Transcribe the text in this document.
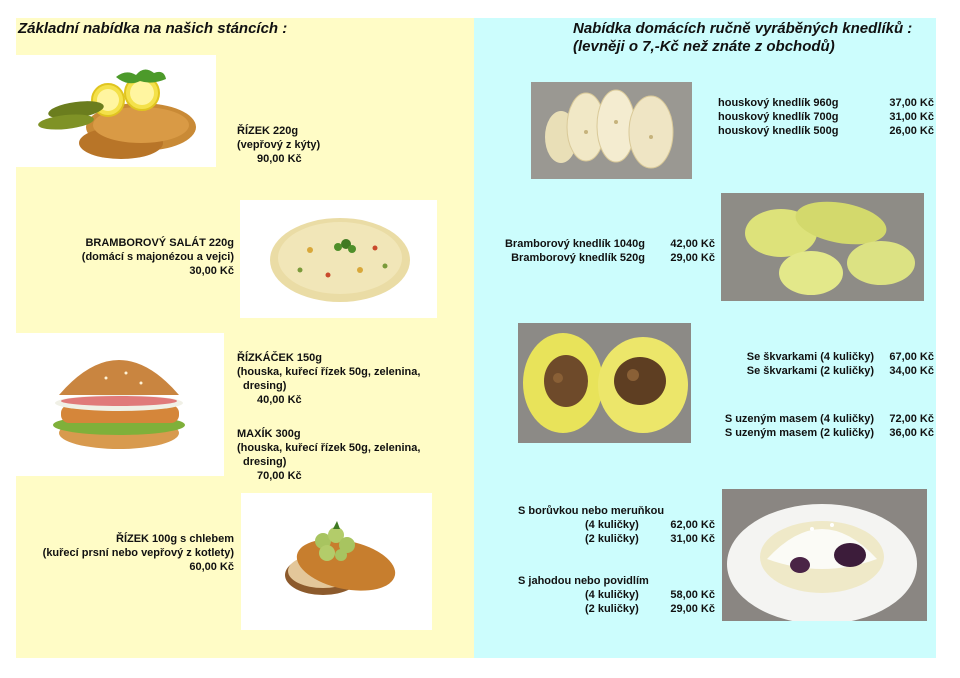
Základní nabídka na našich stáncích :
ŘÍZEK 220g
(vepřový z kýty)
90,00 Kč
BRAMBOROVÝ SALÁT 220g
(domácí s majonézou a vejci)
30,00 Kč
ŘÍZKÁČEK 150g
(houska, kuřecí řízek 50g, zelenina,
dresing)
40,00 Kč
MAXÍK 300g
(houska, kuřecí řízek 50g, zelenina,
dresing)
70,00 Kč
ŘÍZEK 100g s chlebem
(kuřecí prsní nebo vepřový z kotlety)
60,00 Kč
Nabídka domácích ručně vyráběných knedlíků :
(levněji o 7,-Kč než znáte z obchodů)
houskový knedlík 960g	37,00 Kč
houskový knedlík 700g	31,00 Kč
houskový knedlík 500g	26,00 Kč
Bramborový knedlík 1040g 42,00 Kč
Bramborový knedlík 520g 29,00 Kč
Se škvarkami (4 kuličky) 67,00 Kč
Se škvarkami (2 kuličky) 34,00 Kč
S uzeným masem (4 kuličky) 72,00 Kč
S uzeným masem (2 kuličky) 36,00 Kč
S borůvkou nebo meruňkou
(4 kuličky)	62,00 Kč
(2 kuličky)	31,00 Kč
S jahodou nebo povidlím
(4 kuličky)	58,00 Kč
(2 kuličky)	29,00 Kč
